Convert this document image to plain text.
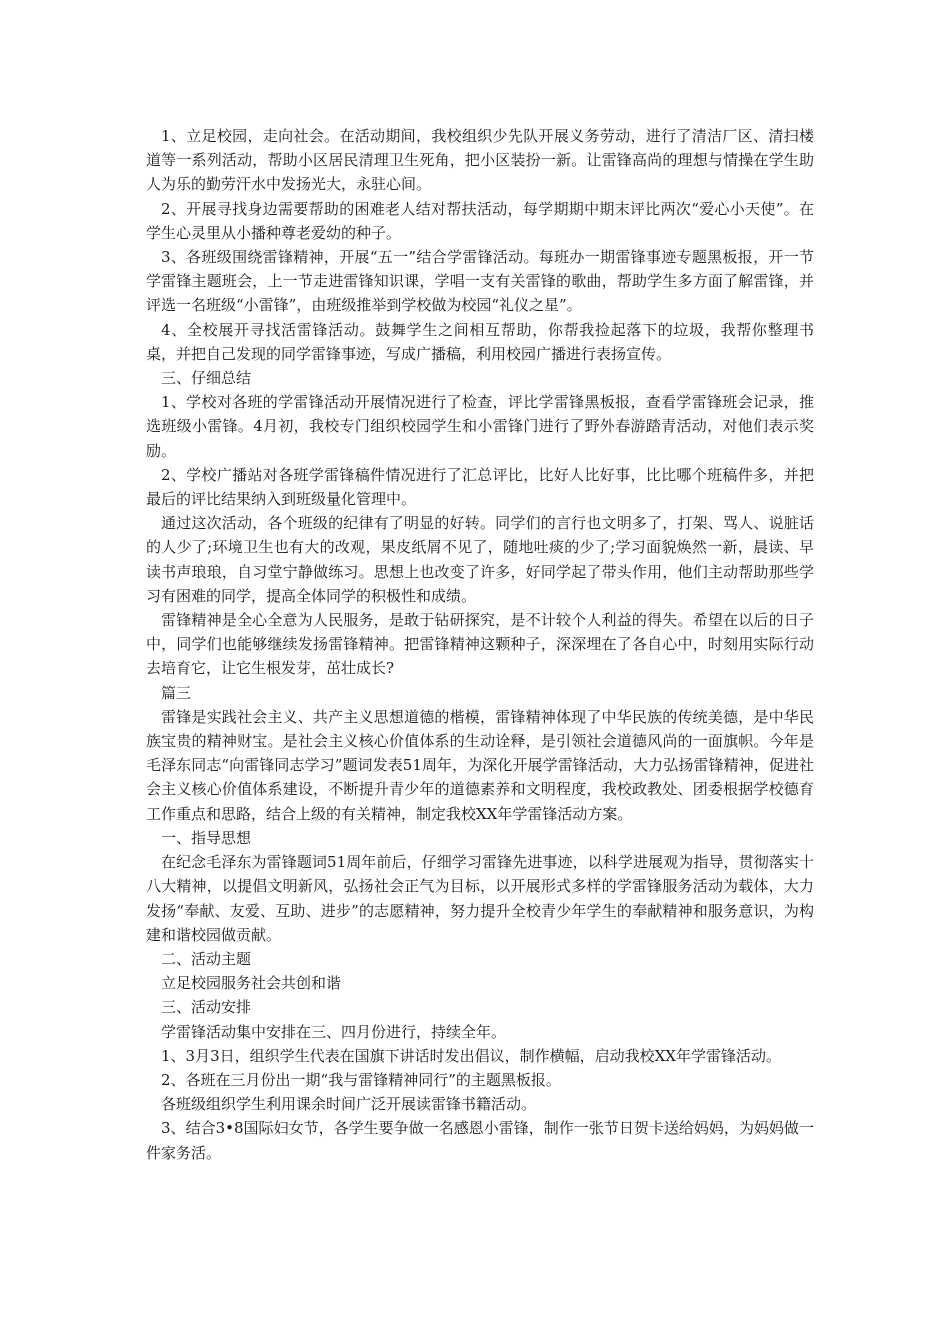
1、立足校园，走向社会。在活动期间，我校组织少先队开展义务劳动，进行了清洁厂区、清扫楼道等一系列活动，帮助小区居民清理卫生死角，把小区装扮一新。让雷锋高尚的理想与情操在学生助人为乐的勤劳汗水中发扬光大，永驻心间。

2、开展寻找身边需要帮助的困难老人结对帮扶活动，每学期期中期末评比两次“爱心小天使”。在学生心灵里从小播种尊老爱幼的种子。

3、各班级围绕雷锋精神，开展“五一”结合学雷锋活动。每班办一期雷锋事迹专题黑板报，开一节学雷锋主题班会，上一节走进雷锋知识课，学唱一支有关雷锋的歌曲，帮助学生多方面了解雷锋，并评选一名班级“小雷锋”，由班级推举到学校做为校园“礼仪之星”。

4、全校展开寻找活雷锋活动。鼓舞学生之间相互帮助，你帮我捡起落下的垃圾，我帮你整理书桌，并把自己发现的同学雷锋事迹，写成广播稿，利用校园广播进行表扬宣传。

三、仔细总结

1、学校对各班的学雷锋活动开展情况进行了检查，评比学雷锋黑板报，查看学雷锋班会记录，推选班级小雷锋。4月初，我校专门组织校园学生和小雷锋门进行了野外春游踏青活动，对他们表示奖励。

2、学校广播站对各班学雷锋稿件情况进行了汇总评比，比好人比好事，比比哪个班稿件多，并把最后的评比结果纳入到班级量化管理中。

通过这次活动，各个班级的纪律有了明显的好转。同学们的言行也文明多了，打架、骂人、说脏话的人少了;环境卫生也有大的改观，果皮纸屑不见了，随地吐痰的少了;学习面貌焕然一新，晨读、早读书声琅琅，自习堂宁静做练习。思想上也改变了许多，好同学起了带头作用，他们主动帮助那些学习有困难的同学，提高全体同学的积极性和成绩。

雷锋精神是全心全意为人民服务，是敢于钻研探究，是不计较个人利益的得失。希望在以后的日子中，同学们也能够继续发扬雷锋精神。把雷锋精神这颗种子，深深埋在了各自心中，时刻用实际行动去培育它，让它生根发芽，茁壮成长?

篇三

雷锋是实践社会主义、共产主义思想道德的楷模，雷锋精神体现了中华民族的传统美德，是中华民族宝贵的精神财宝。是社会主义核心价值体系的生动诠释，是引领社会道德风尚的一面旗帜。今年是毛泽东同志“向雷锋同志学习”题词发表51周年，为深化开展学雷锋活动，大力弘扬雷锋精神，促进社会主义核心价值体系建设，不断提升青少年的道德素养和文明程度，我校政教处、团委根据学校德育工作重点和思路，结合上级的有关精神，制定我校XX年学雷锋活动方案。

一、指导思想

在纪念毛泽东为雷锋题词51周年前后，仔细学习雷锋先进事迹，以科学进展观为指导，贯彻落实十八大精神，以提倡文明新风，弘扬社会正气为目标，以开展形式多样的学雷锋服务活动为载体，大力发扬“奉献、友爱、互助、进步”的志愿精神，努力提升全校青少年学生的奉献精神和服务意识，为构建和谐校园做贡献。

二、活动主题

立足校园服务社会共创和谐

三、活动安排

学雷锋活动集中安排在三、四月份进行，持续全年。

1、3月3日，组织学生代表在国旗下讲话时发出倡议，制作横幅，启动我校XX年学雷锋活动。

2、各班在三月份出一期“我与雷锋精神同行”的主题黑板报。

各班级组织学生利用课余时间广泛开展读雷锋书籍活动。

3、结合3•8国际妇女节，各学生要争做一名感恩小雷锋，制作一张节日贺卡送给妈妈，为妈妈做一件家务活。
